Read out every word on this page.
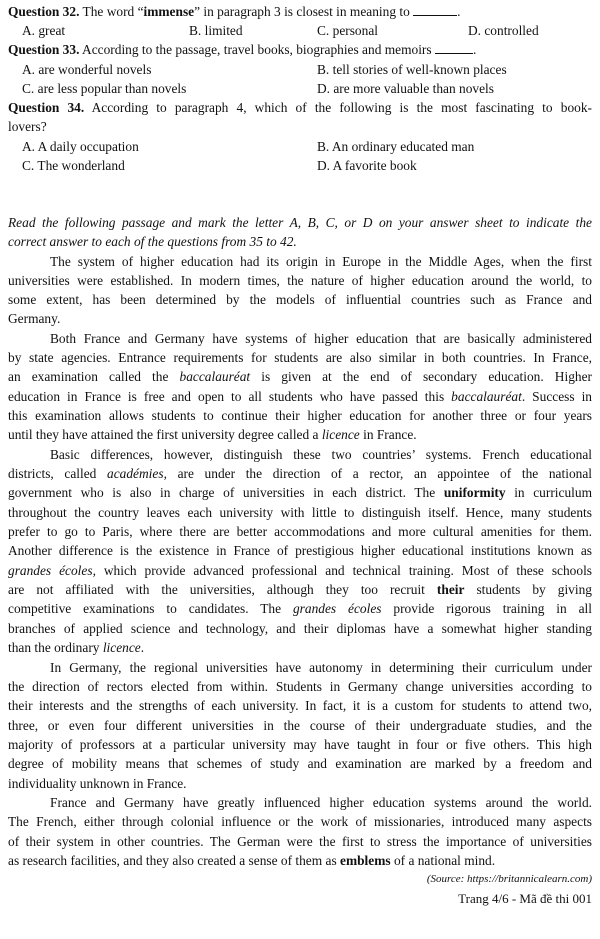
Question 32. The word “immense” in paragraph 3 is closest in meaning to	.
A. great	B. limited	C. personal	D. controlled
Question 33. According to the passage, travel books, biographies and memoirs	.
A. are wonderful novels	B. tell stories of well-known places
C. are less popular than novels	D. are more valuable than novels
Question 34. According to paragraph 4, which of the following is the most fascinating to book-
lovers?
A. A daily occupation	B. An ordinary educated man
C. The wonderland	D. A favorite book
Read the following passage and mark the letter A, B, C, or D on your answer sheet to indicate the
correct answer to each of the questions from 35 to 42.
The system of higher education had its origin in Europe in the Middle Ages, when the first
universities were established. In modern times, the nature of higher education around the world, to
some extent, has been determined by the models of influential countries such as France and
Germany.
Both France and Germany have systems of higher education that are basically administered
by state agencies. Entrance requirements for students are also similar in both countries. In France,
an examination called the baccalauréat is given at the end of secondary education. Higher
education in France is free and open to all students who have passed this baccalauréat. Success in
this examination allows students to continue their higher education for another three or four years
until they have attained the first university degree called a licence in France.
Basic differences, however, distinguish these two countries’ systems. French educational
districts, called académies, are under the direction of a rector, an appointee of the national
government who is also in charge of universities in each district. The uniformity in curriculum
throughout the country leaves each university with little to distinguish itself. Hence, many students
prefer to go to Paris, where there are better accommodations and more cultural amenities for them.
Another difference is the existence in France of prestigious higher educational institutions known as
grandes écoles, which provide advanced professional and technical training. Most of these schools
are not affiliated with the universities, although they too recruit their students by giving
competitive examinations to candidates. The grandes écoles provide rigorous training in all
branches of applied science and technology, and their diplomas have a somewhat higher standing
than the ordinary licence.
In Germany, the regional universities have autonomy in determining their curriculum under
the direction of rectors elected from within. Students in Germany change universities according to
their interests and the strengths of each university. In fact, it is a custom for students to attend two,
three, or even four different universities in the course of their undergraduate studies, and the
majority of professors at a particular university may have taught in four or five others. This high
degree of mobility means that schemes of study and examination are marked by a freedom and
individuality unknown in France.
France and Germany have greatly influenced higher education systems around the world.
The French, either through colonial influence or the work of missionaries, introduced many aspects
of their system in other countries. The German were the first to stress the importance of universities
as research facilities, and they also created a sense of them as emblems of a national mind.
(Source: https://britannicalearn.com)
Trang 4/6 - Mã đề thi 001
